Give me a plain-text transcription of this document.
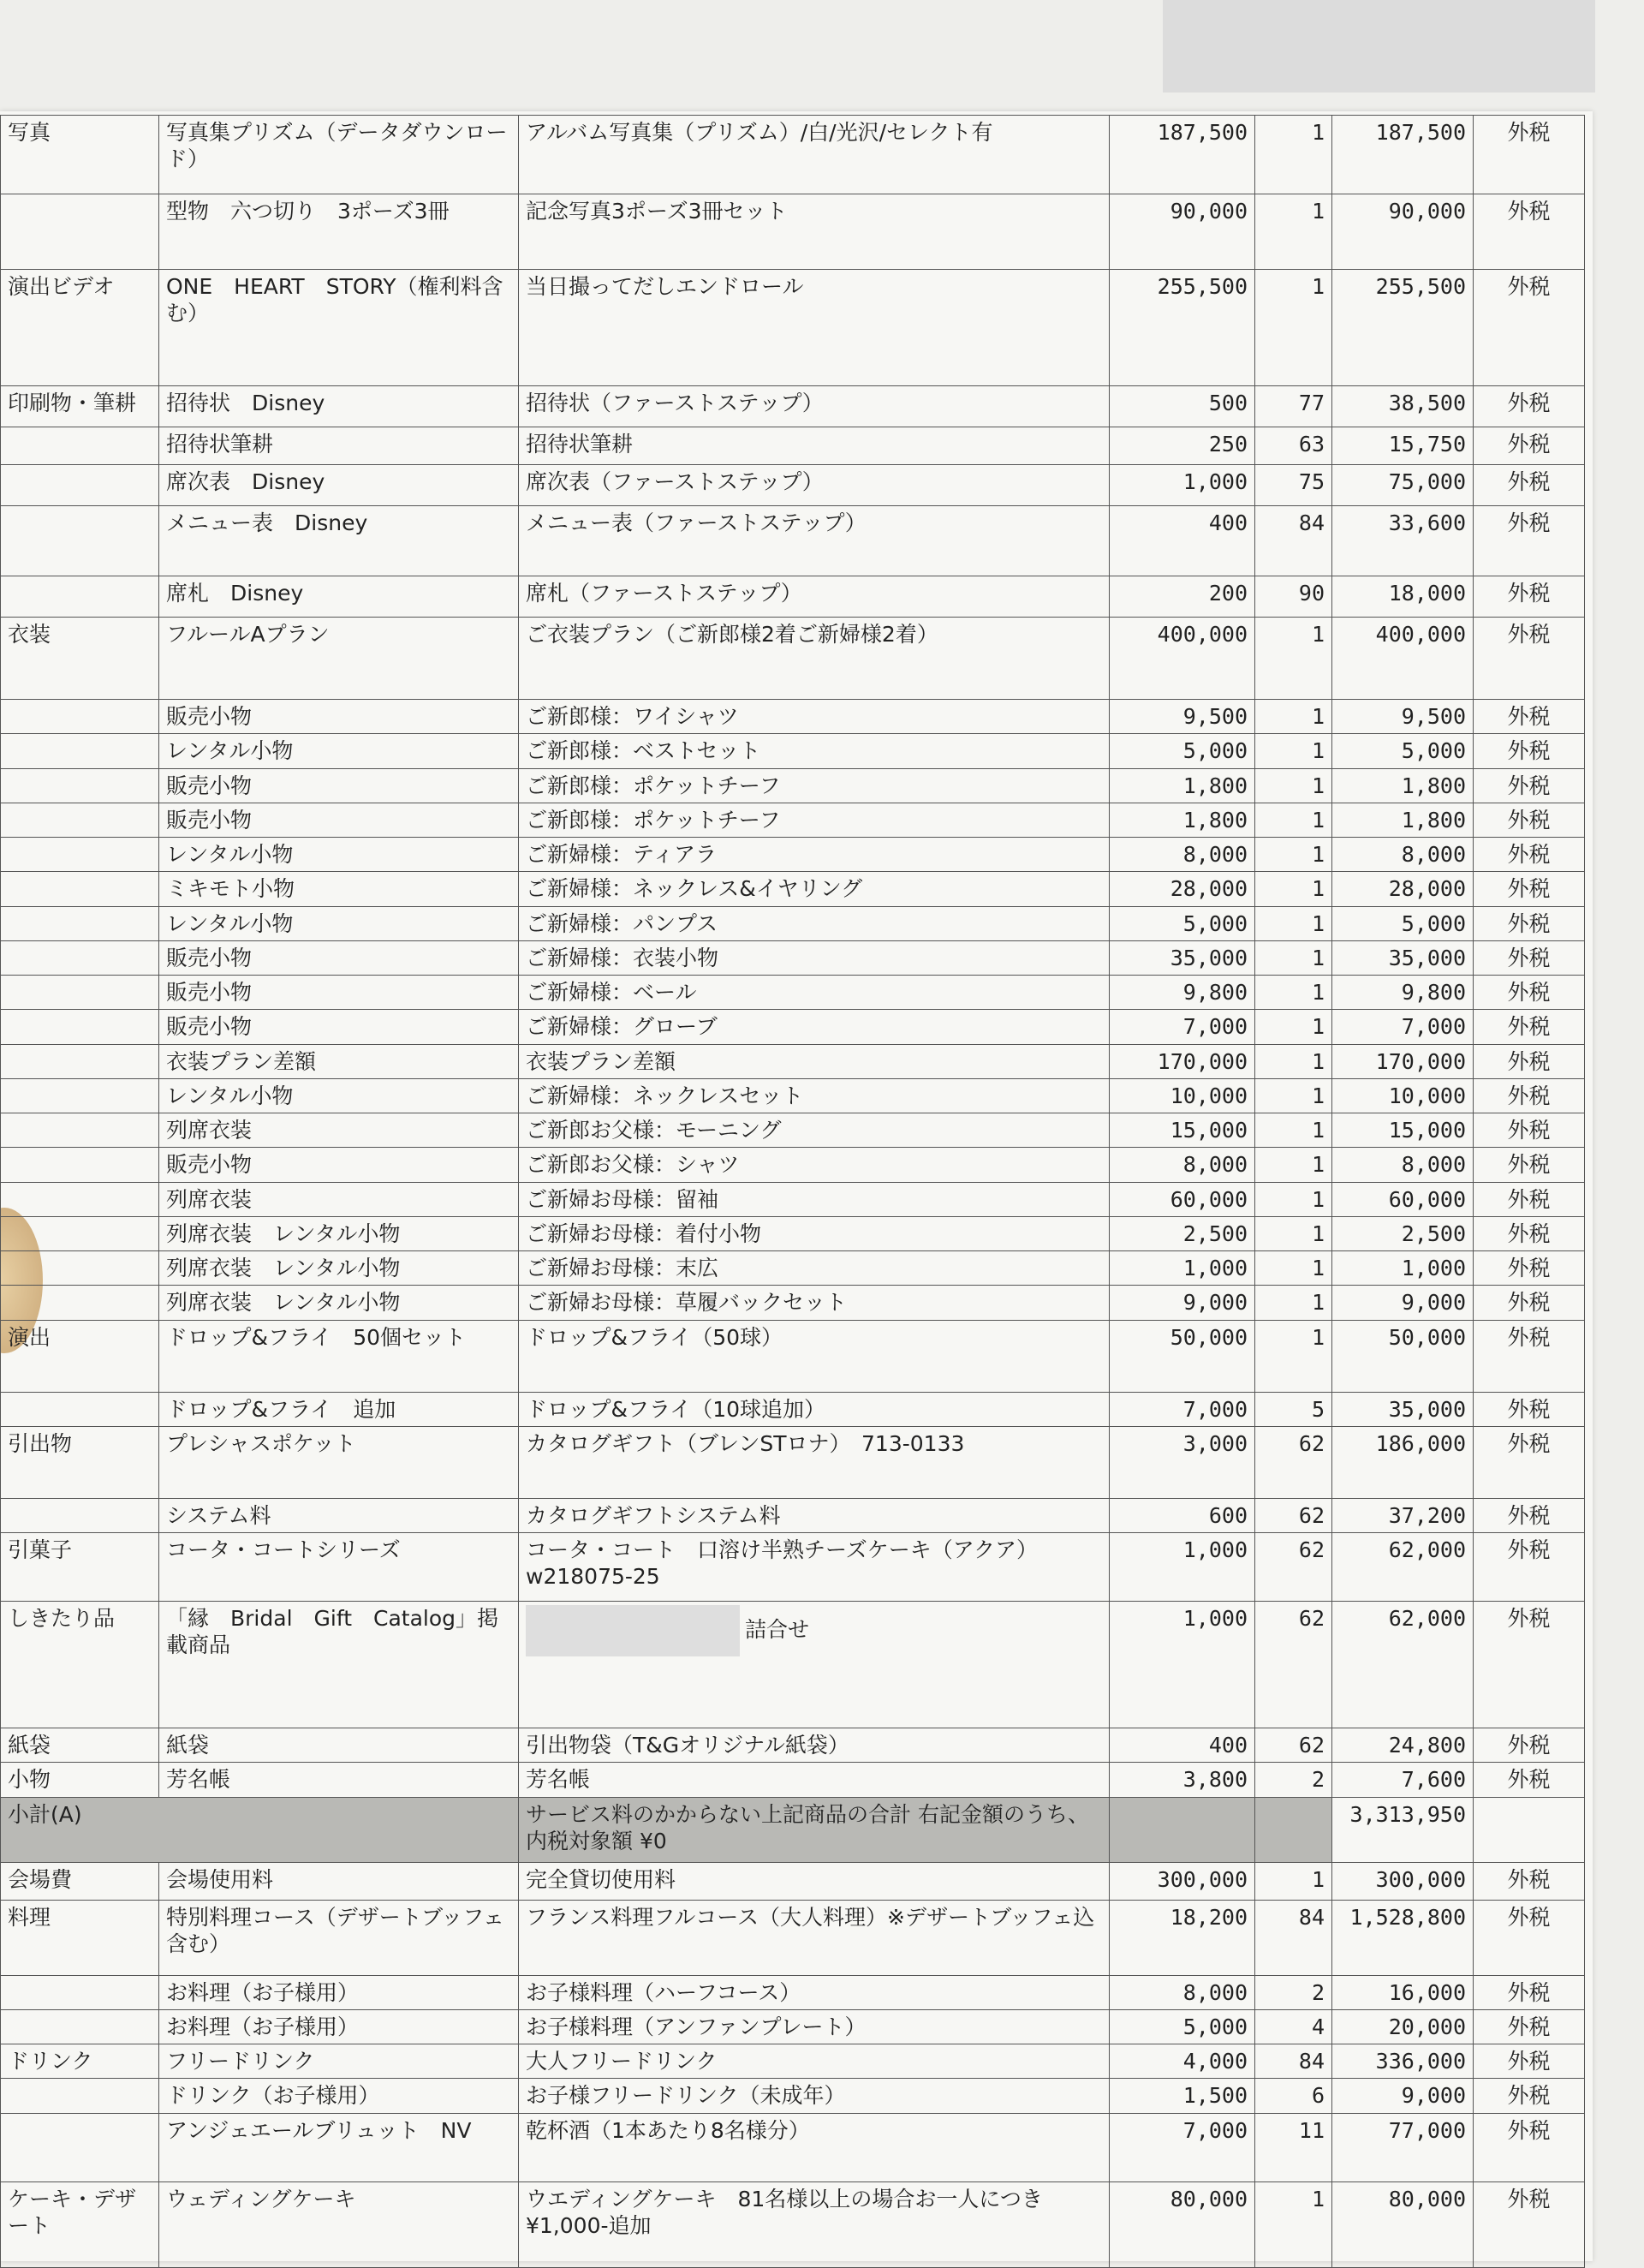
写真	写真集プリズム（データダウンロード）	アルバム写真集（プリズム）/白/光沢/セレクト有	187,500	1	187,500	外税
	型物　六つ切り　3ポーズ3冊	記念写真3ポーズ3冊セット	90,000	1	90,000	外税
演出ビデオ	ONE　HEART　STORY（権利料含む）	当日撮ってだしエンドロール	255,500	1	255,500	外税
印刷物・筆耕	招待状　Disney	招待状（ファーストステップ）	500	77	38,500	外税
	招待状筆耕	招待状筆耕	250	63	15,750	外税
	席次表　Disney	席次表（ファーストステップ）	1,000	75	75,000	外税
	メニュー表　Disney	メニュー表（ファーストステップ）	400	84	33,600	外税
	席札　Disney	席札（ファーストステップ）	200	90	18,000	外税
衣装	フルールAプラン	ご衣装プラン（ご新郎様2着ご新婦様2着）	400,000	1	400,000	外税
	販売小物	ご新郎様：ワイシャツ	9,500	1	9,500	外税
	レンタル小物	ご新郎様：ベストセット	5,000	1	5,000	外税
	販売小物	ご新郎様：ポケットチーフ	1,800	1	1,800	外税
	販売小物	ご新郎様：ポケットチーフ	1,800	1	1,800	外税
	レンタル小物	ご新婦様：ティアラ	8,000	1	8,000	外税
	ミキモト小物	ご新婦様：ネックレス&イヤリング	28,000	1	28,000	外税
	レンタル小物	ご新婦様：パンプス	5,000	1	5,000	外税
	販売小物	ご新婦様：衣装小物	35,000	1	35,000	外税
	販売小物	ご新婦様：ベール	9,800	1	9,800	外税
	販売小物	ご新婦様：グローブ	7,000	1	7,000	外税
	衣装プラン差額	衣装プラン差額	170,000	1	170,000	外税
	レンタル小物	ご新婦様：ネックレスセット	10,000	1	10,000	外税
	列席衣装	ご新郎お父様：モーニング	15,000	1	15,000	外税
	販売小物	ご新郎お父様：シャツ	8,000	1	8,000	外税
	列席衣装	ご新婦お母様：留袖	60,000	1	60,000	外税
	列席衣装　レンタル小物	ご新婦お母様：着付小物	2,500	1	2,500	外税
	列席衣装　レンタル小物	ご新婦お母様：末広	1,000	1	1,000	外税
	列席衣装　レンタル小物	ご新婦お母様：草履バックセット	9,000	1	9,000	外税
演出	ドロップ&フライ　50個セット	ドロップ&フライ（50球）	50,000	1	50,000	外税
	ドロップ&フライ　追加	ドロップ&フライ（10球追加）	7,000	5	35,000	外税
引出物	プレシャスポケット	カタログギフト（ブレンSTロナ）　713-0133	3,000	62	186,000	外税
	システム料	カタログギフトシステム料	600	62	37,200	外税
引菓子	コータ・コートシリーズ	コータ・コート　口溶け半熟チーズケーキ（アクア）w218075-25	1,000	62	62,000	外税
しきたり品	「縁　Bridal　Gift　Catalog」掲載商品	詰合せ	1,000	62	62,000	外税
紙袋	紙袋	引出物袋（T&Gオリジナル紙袋）	400	62	24,800	外税
小物	芳名帳	芳名帳	3,800	2	7,600	外税
小計(A)		サービス料のかからない上記商品の合計 右記金額のうち、内税対象額 ¥0			3,313,950	
会場費	会場使用料	完全貸切使用料	300,000	1	300,000	外税
料理	特別料理コース（デザートブッフェ含む）	フランス料理フルコース（大人料理）※デザートブッフェ込	18,200	84	1,528,800	外税
	お料理（お子様用）	お子様料理（ハーフコース）	8,000	2	16,000	外税
	お料理（お子様用）	お子様料理（アンファンプレート）	5,000	4	20,000	外税
ドリンク	フリードリンク	大人フリードリンク	4,000	84	336,000	外税
	ドリンク（お子様用）	お子様フリードリンク（未成年）	1,500	6	9,000	外税
	アンジェエールブリュット　NV	乾杯酒（1本あたり8名様分）	7,000	11	77,000	外税
ケーキ・デザート	ウェディングケーキ	ウエディングケーキ　81名様以上の場合お一人につき¥1,000-追加	80,000	1	80,000	外税
